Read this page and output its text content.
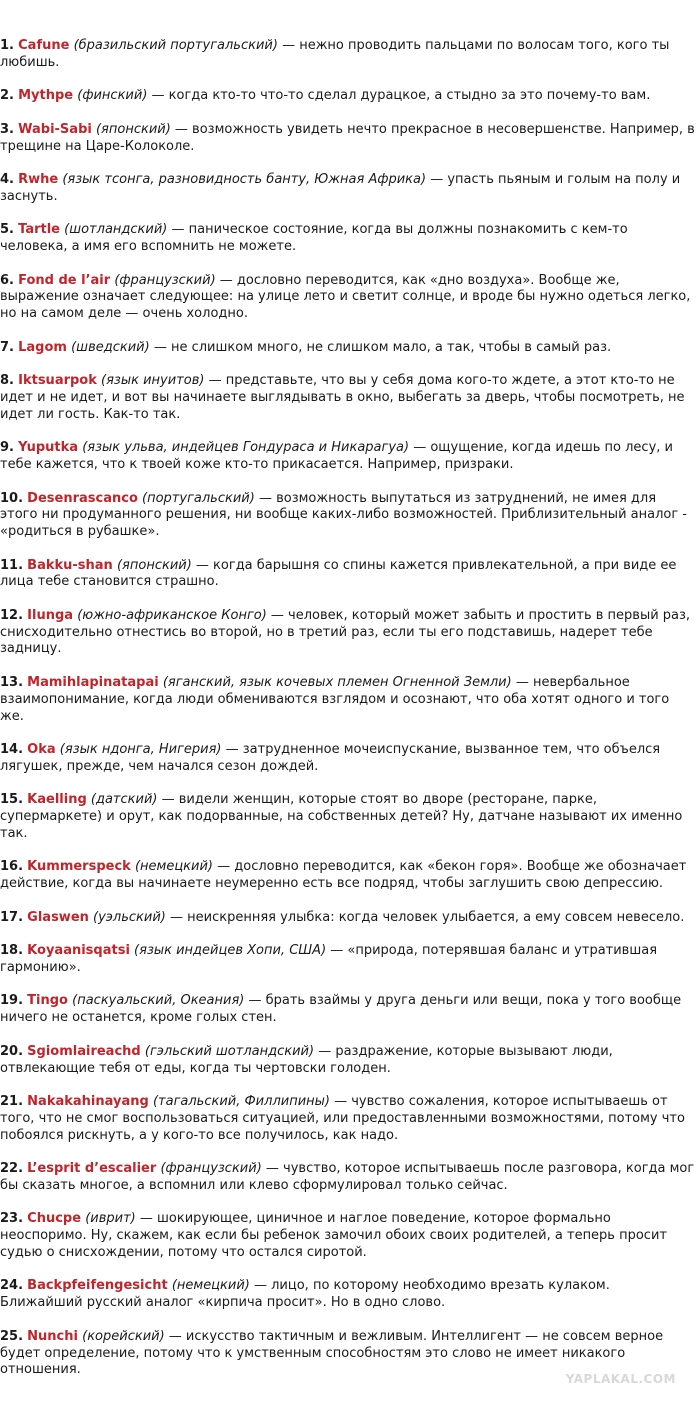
1. Cafune (бразильский португальский) — нежно проводить пальцами по волосам того, кого ты любишь.

2. Mythpe (финский) — когда кто-то что-то сделал дурацкое, а стыдно за это почему-то вам.

3. Wabi-Sabi (японский) — возможность увидеть нечто прекрасное в несовершенстве. Например, в трещине на Царе-Колоколе.

4. Rwhe (язык тсонга, разновидность банту, Южная Африка) — упасть пьяным и голым на полу и заснуть.

5. Tartle (шотландский) — паническое состояние, когда вы должны познакомить с кем-то человека, а имя его вспомнить не можете.

6. Fond de l’air (французский) — дословно переводится, как «дно воздуха». Вообще же, выражение означает следующее: на улице лето и светит солнце, и вроде бы нужно одеться легко, но на самом деле — очень холодно.

7. Lagom (шведский) — не слишком много, не слишком мало, а так, чтобы в самый раз.

8. Iktsuarpok (язык инуитов) — представьте, что вы у себя дома кого-то ждете, а этот кто-то не идет и не идет, и вот вы начинаете выглядывать в окно, выбегать за дверь, чтобы посмотреть, не идет ли гость. Как-то так.

9. Yuputka (язык ульва, индейцев Гондураса и Никарагуа) — ощущение, когда идешь по лесу, и тебе кажется, что к твоей коже кто-то прикасается. Например, призраки.

10. Desenrascanco (португальский) — возможность выпутаться из затруднений, не имея для этого ни продуманного решения, ни вообще каких-либо возможностей. Приблизительный аналог - «родиться в рубашке».

11. Bakku-shan (японский) — когда барышня со спины кажется привлекательной, а при виде ее лица тебе становится страшно.

12. Ilunga (южно-африканское Конго) — человек, который может забыть и простить в первый раз, снисходительно отнестись во второй, но в третий раз, если ты его подставишь, надерет тебе задницу.

13. Mamihlapinatapai (яганский, язык кочевых племен Огненной Земли) — невербальное взаимопонимание, когда люди обмениваются взглядом и осознают, что оба хотят одного и того же.

14. Oka (язык ндонга, Нигерия) — затрудненное мочеиспускание, вызванное тем, что объелся лягушек, прежде, чем начался сезон дождей.

15. Kaelling (датский) — видели женщин, которые стоят во дворе (ресторане, парке, супермаркете) и орут, как подорванные, на собственных детей? Ну, датчане называют их именно так.

16. Kummerspeck (немецкий) — дословно переводится, как «бекон горя». Вообще же обозначает действие, когда вы начинаете неумеренно есть все подряд, чтобы заглушить свою депрессию.

17. Glaswen (уэльский) — неискренняя улыбка: когда человек улыбается, а ему совсем невесело.

18. Koyaanisqatsi (язык индейцев Хопи, США) — «природа, потерявшая баланс и утратившая гармонию».

19. Tingo (паскуальский, Океания) — брать взаймы у друга деньги или вещи, пока у того вообще ничего не останется, кроме голых стен.

20. Sgiomlaireachd (гэльский шотландский) — раздражение, которые вызывают люди, отвлекающие тебя от еды, когда ты чертовски голоден.

21. Nakakahinayang (тагальский, Филлипины) — чувство сожаления, которое испытываешь от того, что не смог воспользоваться ситуацией, или предоставленными возможностями, потому что побоялся рискнуть, а у кого-то все получилось, как надо.

22. L’esprit d’escalier (французский) — чувство, которое испытываешь после разговора, когда мог бы сказать многое, а вспомнил или клево сформулировал только сейчас.

23. Chucpe (иврит) — шокирующее, циничное и наглое поведение, которое формально неоспоримо. Ну, скажем, как если бы ребенок замочил обоих своих родителей, а теперь просит судью о снисхождении, потому что остался сиротой.

24. Backpfeifengesicht (немецкий) — лицо, по которому необходимо врезать кулаком. Ближайший русский аналог «кирпича просит». Но в одно слово.

25. Nunchi (корейский) — искусство тактичным и вежливым. Интеллигент — не совсем верное будет определение, потому что к умственным способностям это слово не имеет никакого отношения.

YAPLAKAL.COM
